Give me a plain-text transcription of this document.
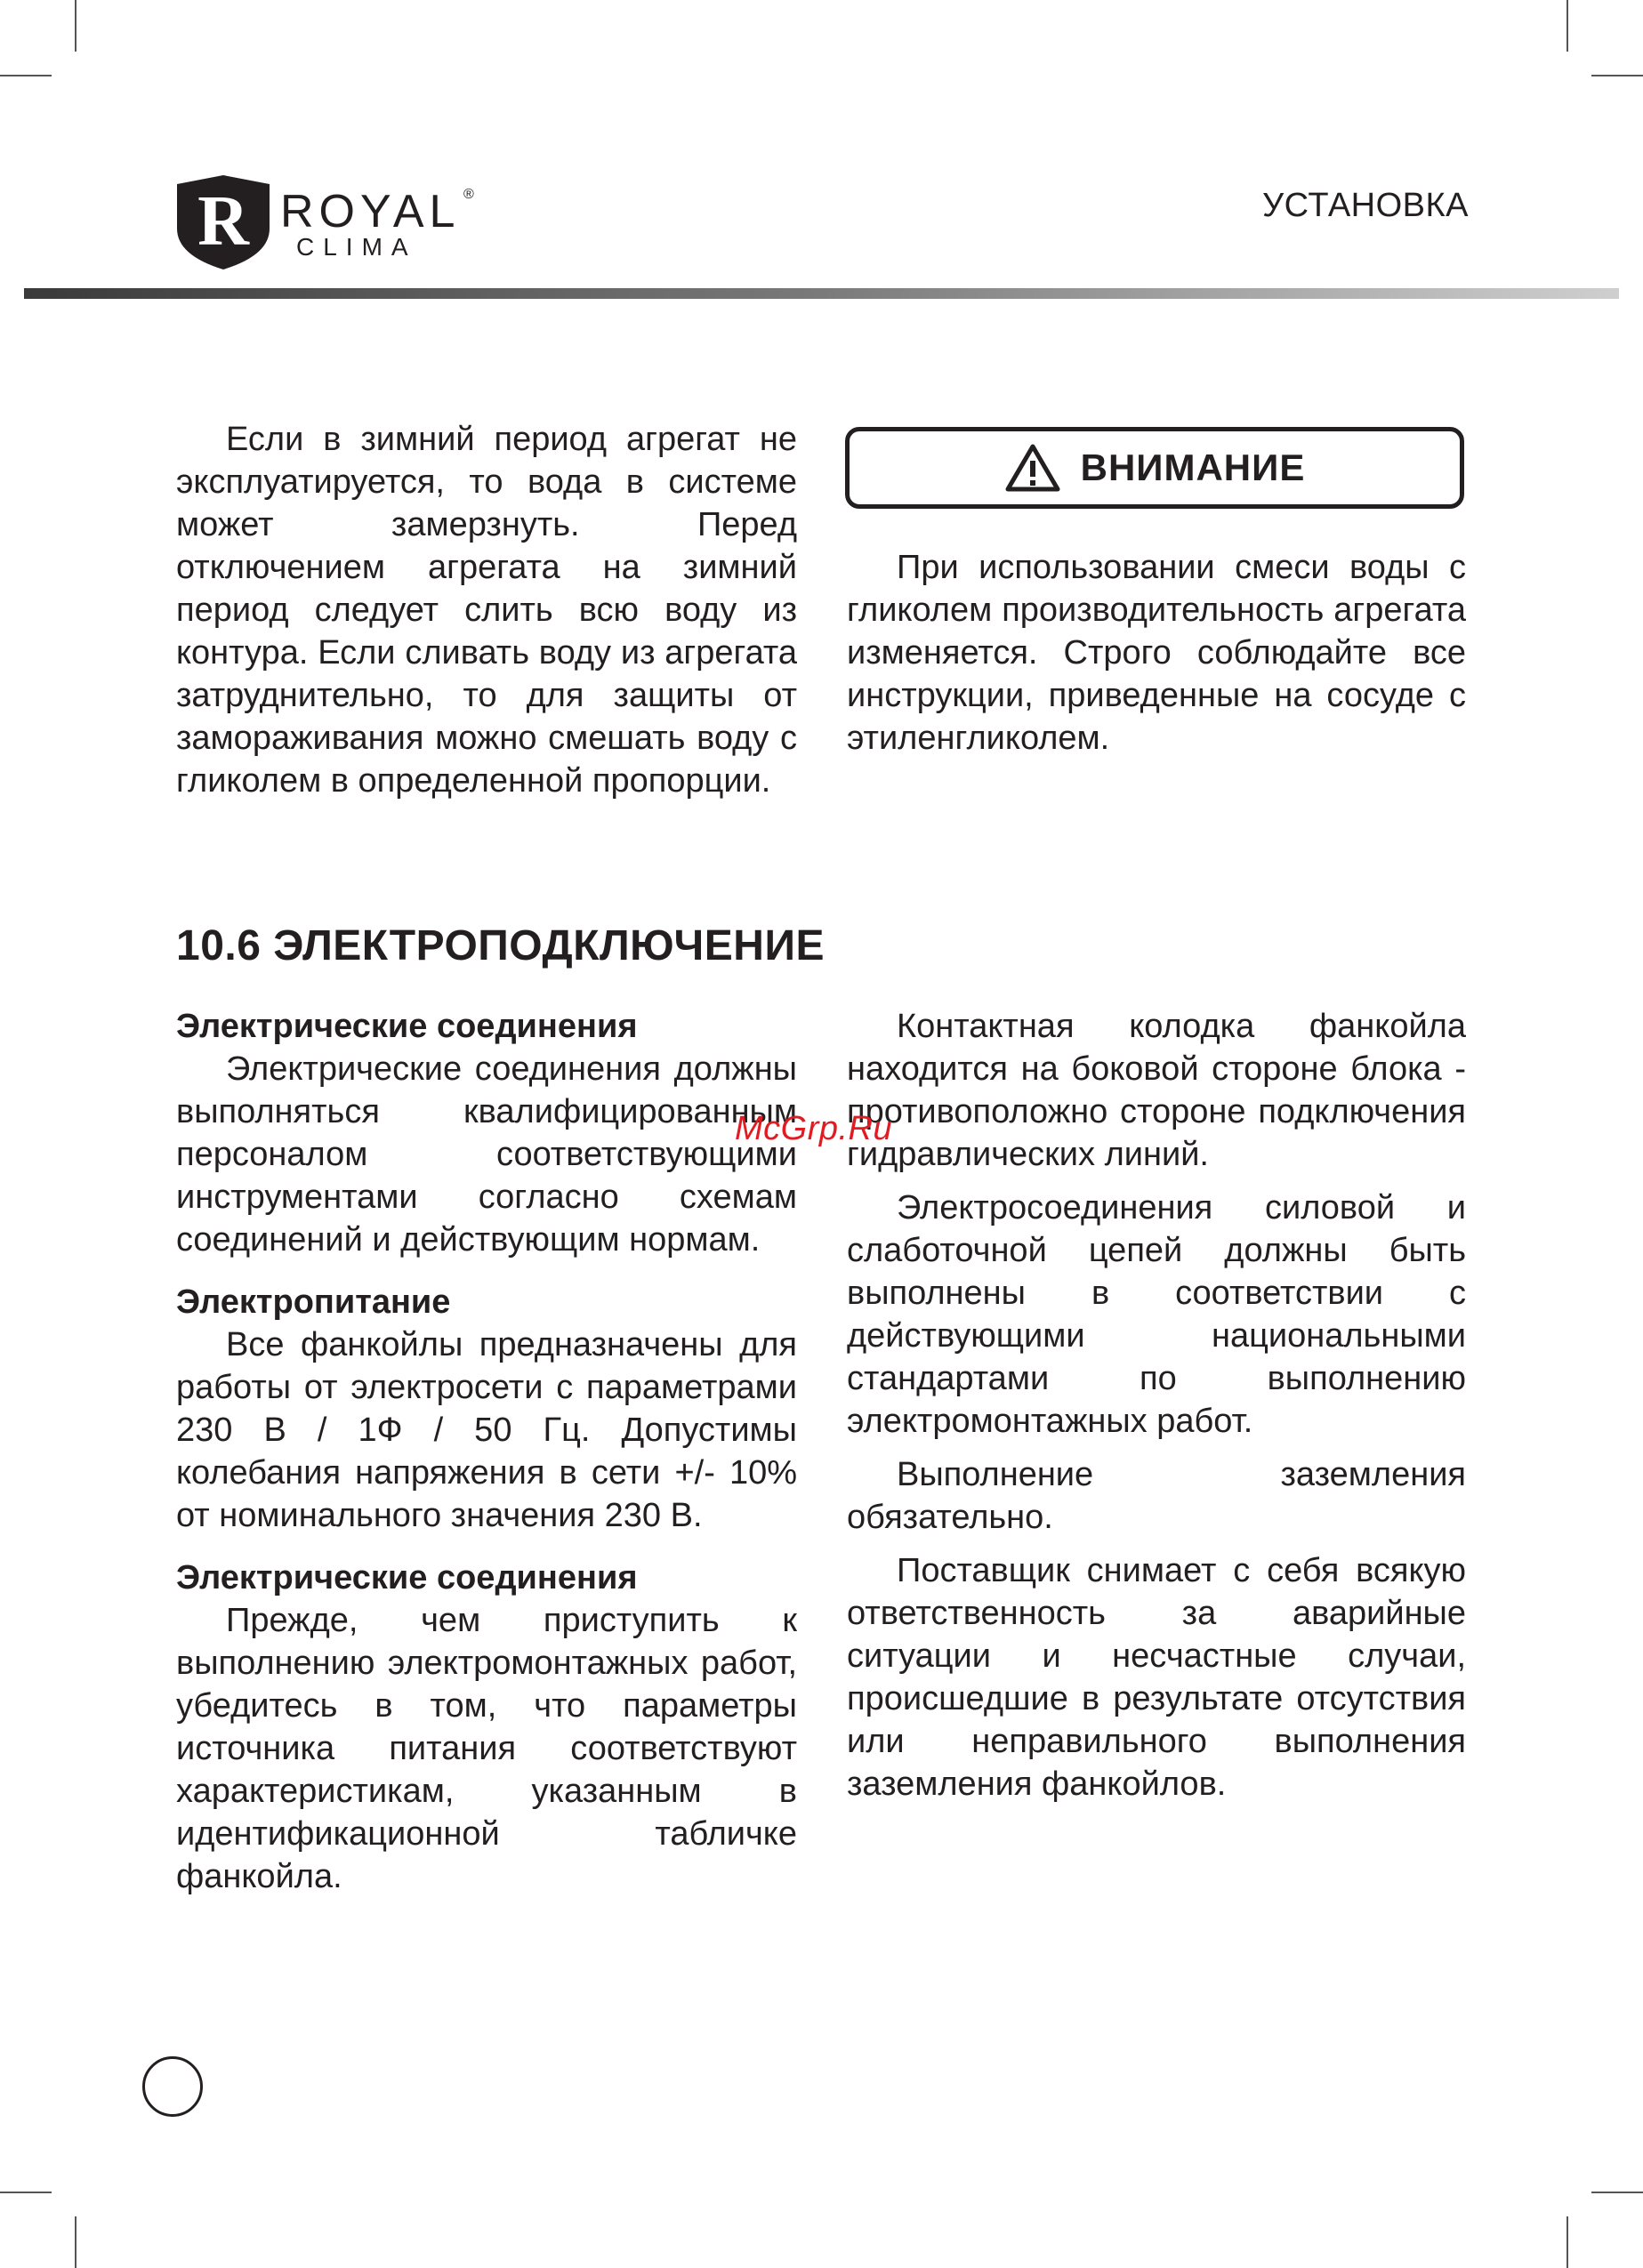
R ROYAL ®
CLIMA
УСТАНОВКА

Если в зимний период агрегат не эксплуатируется, то вода в системе может замерзнуть. Перед отключением агрегата на зимний период следует слить всю воду из контура. Если сливать воду из агрегата затруднительно, то для защиты от замораживания можно смешать воду с гликолем в определенной пропорции.

ВНИМАНИЕ

При использовании смеси воды с гликолем производительность агрегата изменяется. Строго соблюдайте все инструкции, приведенные на сосуде с этиленгликолем.

10.6 ЭЛЕКТРОПОДКЛЮЧЕНИЕ

Электрические соединения

Электрические соединения должны выполняться квалифицированным персоналом соответствующими инструментами согласно схемам соединений и действующим нормам.

Электропитание

Все фанкойлы предназначены для работы от электросети с параметрами 230 В / 1Ф / 50 Гц. Допустимы колебания напряжения в сети +/- 10% от номинального значения 230 В.

Электрические соединения

Прежде, чем приступить к выполнению электромонтажных работ, убедитесь в том, что параметры источника питания соответствуют характеристикам, указанным в идентификационной табличке фанкойла.

Контактная колодка фанкойла находится на боковой стороне блока - противоположно стороне подключения гидравлических линий.

Электросоединения силовой и слаботочной цепей должны быть выполнены в соответствии с действующими национальными стандартами по выполнению электромонтажных работ.

Выполнение заземления обязательно.

Поставщик снимает с себя всякую ответственность за аварийные ситуации и несчастные случаи, происшедшие в результате отсутствия или неправильного выполнения заземления фанкойлов.

McGrp.Ru
